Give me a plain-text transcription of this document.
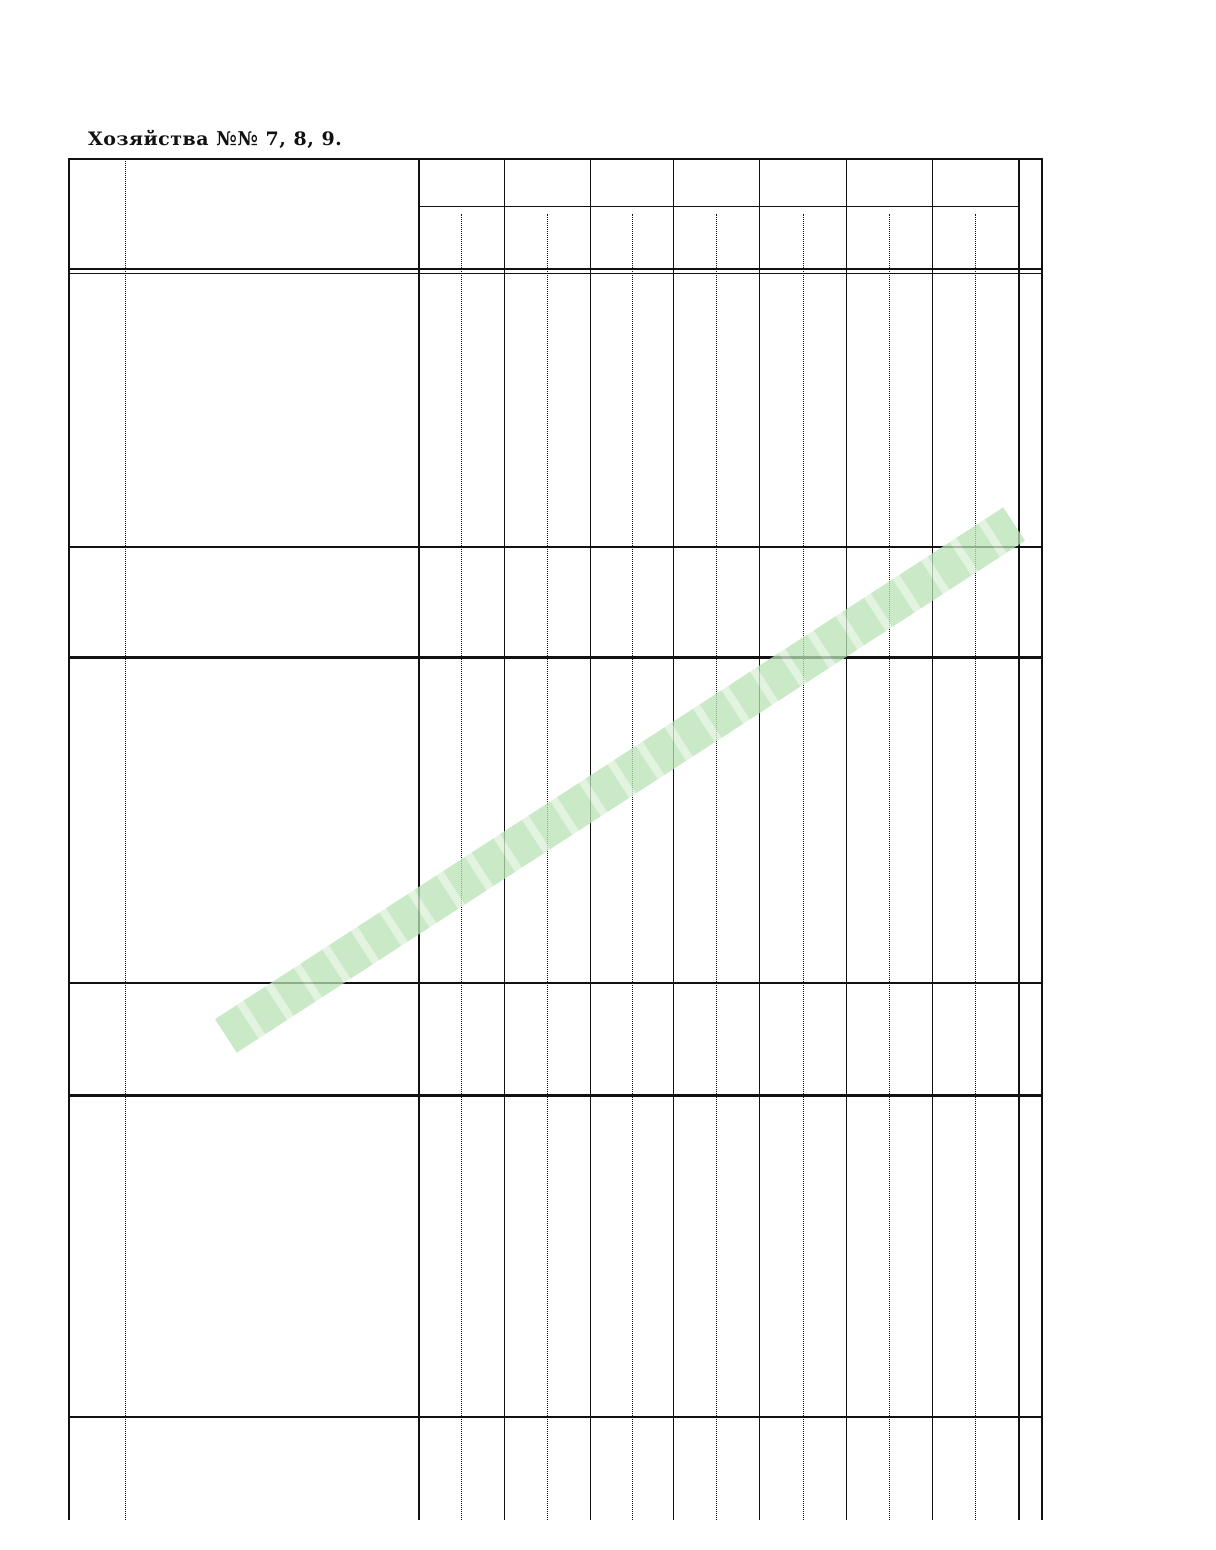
Хозяйства №№ 7, 8, 9.
